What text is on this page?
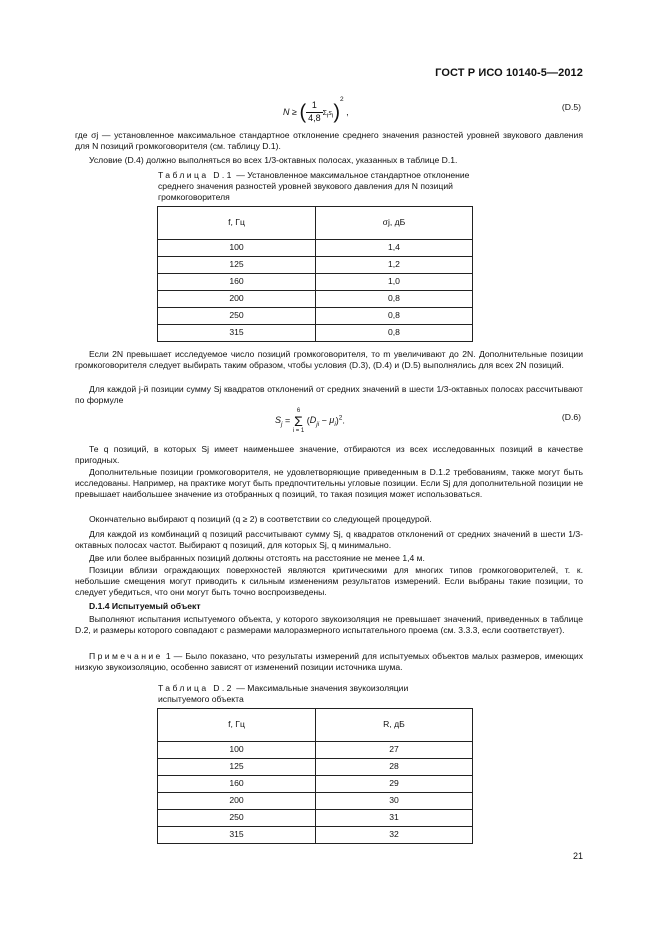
ГОСТ Р ИСО 10140-5—2012
N ≥ ( $\frac{1}{4,8} \Sigma_is_i)^2$ ,	(D.5)
где σj — установленное максимальное стандартное отклонение среднего значения разностей уровней звукового давления для N позиций громкоговорителя (см. таблицу D.1).
Условие (D.4) должно выполняться во всех 1/3-октавных полосах, указанных в таблице D.1.
Таблица D.1 — Установленное максимальное стандартное отклонение среднего значения разностей уровней звукового давления для N позиций громкоговорителя
f, Гц	σj, дБ
100	1,4
125	1,2
160	1,0
200	0,8
250	0,8
315	0,8
Если 2N превышает исследуемое число позиций громкоговорителя, то m увеличивают до 2N. Дополнительные позиции громкоговорителя следует выбирать таким образом, чтобы условия (D.3), (D.4) и (D.5) выполнялись для всех 2N позиций.
Для каждой j-й позиции сумму Sj квадратов отклонений от средних значений в шести 1/3-октавных полосах рассчитывают по формуле
$S_j = 6$
Σ
i = 1 $(D_{ji} - \mu_i)^2$.	(D.6)
Те q позиций, в которых Sj имеет наименьшее значение, отбираются из всех исследованных позиций в качестве пригодных.
Дополнительные позиции громкоговорителя, не удовлетворяющие приведенным в D.1.2 требованиям, также могут быть исследованы. Например, на практике могут быть предпочтительны угловые позиции. Если Sj для дополнительной позиции не превышает наибольшее значение из отобранных q позиций, то такая позиция может использоваться.
Окончательно выбирают q позиций (q ≥ 2) в соответствии со следующей процедурой.
Для каждой из комбинаций q позиций рассчитывают сумму Sj, q квадратов отклонений от средних значений в шести 1/3-октавных полосах частот. Выбирают q позиций, для которых Sj, q минимально.
Две или более выбранных позиций должны отстоять на расстояние не менее 1,4 м.
Позиции вблизи ограждающих поверхностей являются критическими для многих типов громкоговорителей, т. к. небольшие смещения могут приводить к сильным изменениям результатов измерений. Если выбраны такие позиции, то следует убедиться, что они могут быть точно воспроизведены.
D.1.4 Испытуемый объект
Выполняют испытания испытуемого объекта, у которого звукоизоляция не превышает значений, приведенных в таблице D.2, и размеры которого совпадают с размерами малоразмерного испытательного проема (см. 3.3.3, если соответствует).
Примечание 1 — Было показано, что результаты измерений для испытуемых объектов малых размеров, имеющих низкую звукоизоляцию, особенно зависят от изменений позиции источника шума.
Таблица D.2 — Максимальные значения звукоизоляции испытуемого объекта
f, Гц	R, дБ
100	27
125	28
160	29
200	30
250	31
315	32
21
